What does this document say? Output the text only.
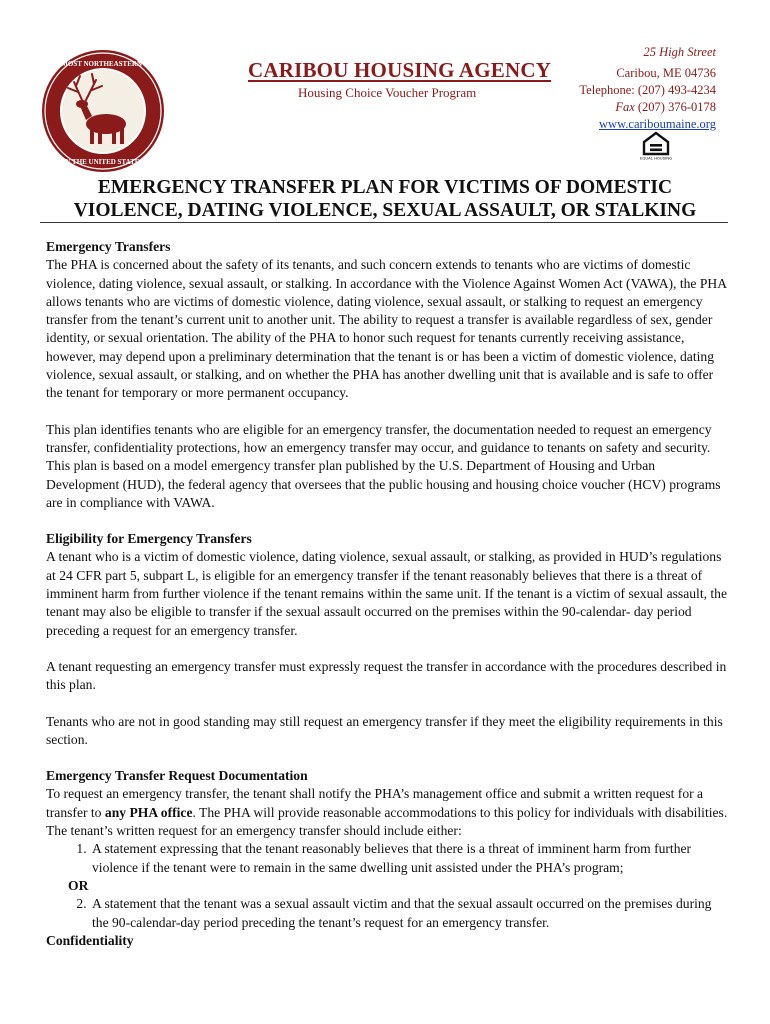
THE MOST NORTHEASTERN CITY
IN THE UNITED STATES
CARIBOU HOUSING AGENCY
Housing Choice Voucher Program
25 High Street
Caribou, ME 04736
Telephone: (207) 493-4234
Fax (207) 376-0178
www.cariboumaine.org
EQUAL HOUSING
EMERGENCY TRANSFER PLAN FOR VICTIMS OF DOMESTIC
VIOLENCE, DATING VIOLENCE, SEXUAL ASSAULT, OR STALKING
Emergency Transfers

The PHA is concerned about the safety of its tenants, and such concern extends to tenants who are victims of domestic violence, dating violence, sexual assault, or stalking. In accordance with the Violence Against Women Act (VAWA), the PHA allows tenants who are victims of domestic violence, dating violence, sexual assault, or stalking to request an emergency transfer from the tenant’s current unit to another unit. The ability to request a transfer is available regardless of sex, gender identity, or sexual orientation. The ability of the PHA to honor such request for tenants currently receiving assistance, however, may depend upon a preliminary determination that the tenant is or has been a victim of domestic violence, dating violence, sexual assault, or stalking, and on whether the PHA has another dwelling unit that is available and is safe to offer the tenant for temporary or more permanent occupancy.

This plan identifies tenants who are eligible for an emergency transfer, the documentation needed to request an emergency transfer, confidentiality protections, how an emergency transfer may occur, and guidance to tenants on safety and security. This plan is based on a model emergency transfer plan published by the U.S. Department of Housing and Urban Development (HUD), the federal agency that oversees that the public housing and housing choice voucher (HCV) programs are in compliance with VAWA.

Eligibility for Emergency Transfers

A tenant who is a victim of domestic violence, dating violence, sexual assault, or stalking, as provided in HUD’s regulations at 24 CFR part 5, subpart L, is eligible for an emergency transfer if the tenant reasonably believes that there is a threat of imminent harm from further violence if the tenant remains within the same unit. If the tenant is a victim of sexual assault, the tenant may also be eligible to transfer if the sexual assault occurred on the premises within the 90-calendar- day period preceding a request for an emergency transfer.

A tenant requesting an emergency transfer must expressly request the transfer in accordance with the procedures described in this plan.

Tenants who are not in good standing may still request an emergency transfer if they meet the eligibility requirements in this section.

Emergency Transfer Request Documentation

To request an emergency transfer, the tenant shall notify the PHA’s management office and submit a written request for a transfer to any PHA office. The PHA will provide reasonable accommodations to this policy for individuals with disabilities. The tenant’s written request for an emergency transfer should include either:

1. A statement expressing that the tenant reasonably believes that there is a threat of imminent harm from further violence if the tenant were to remain in the same dwelling unit assisted under the PHA’s program;
OR
2. A statement that the tenant was a sexual assault victim and that the sexual assault occurred on the premises during the 90-calendar-day period preceding the tenant’s request for an emergency transfer.
Confidentiality
